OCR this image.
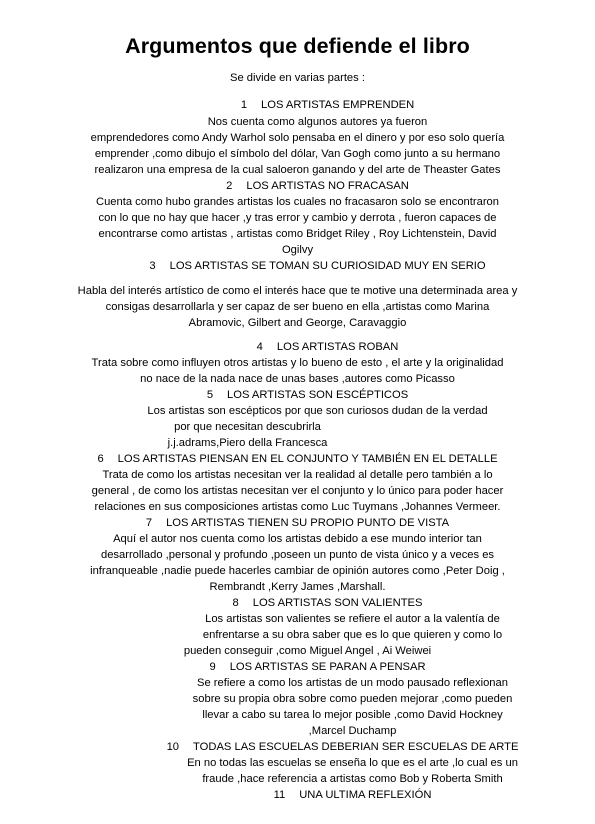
Argumentos que defiende el libro

Se divide en varias partes :

1 LOS ARTISTAS EMPRENDEN

Nos cuenta como algunos autores ya fueron

emprendedores como Andy Warhol solo pensaba en el dinero y por eso solo quería

emprender ,como dibujo el símbolo del dólar, Van Gogh como junto a su hermano

realizaron una empresa de la cual saloeron ganando y del arte de Theaster Gates

2 LOS ARTISTAS NO FRACASAN

Cuenta como hubo grandes artistas los cuales no fracasaron solo se encontraron

con lo que no hay que hacer ,y tras error y cambio y derrota , fueron capaces de

encontrarse como artistas , artistas como Bridget Riley , Roy Lichtenstein, David

Ogilvy

3 LOS ARTISTAS SE TOMAN SU CURIOSIDAD MUY EN SERIO

Habla del interés artístico de como el interés hace que te motive una determinada area y

consigas desarrollarla y ser capaz de ser bueno en ella ,artistas como Marina

Abramovic, Gilbert and George, Caravaggio

4 LOS ARTISTAS ROBAN

Trata sobre como influyen otros artistas y lo bueno de esto , el arte y la originalidad

no nace de la nada nace de unas bases ,autores como Picasso

5 LOS ARTISTAS SON ESCÉPTICOS

Los artistas son escépticos por que son curiosos dudan de la verdad

por que necesitan descubrirla

j.j.adrams,Piero della Francesca

6 LOS ARTISTAS PIENSAN EN EL CONJUNTO Y TAMBIÉN EN EL DETALLE

Trata de como los artistas necesitan ver la realidad al detalle pero también a lo

general , de como los artistas necesitan ver el conjunto y lo único para poder hacer

relaciones en sus composiciones artistas como Luc Tuymans ,Johannes Vermeer.

7 LOS ARTISTAS TIENEN SU PROPIO PUNTO DE VISTA

Aquí el autor nos cuenta como los artistas debido a ese mundo interior tan

desarrollado ,personal y profundo ,poseen un punto de vista único y a veces es

infranqueable ,nadie puede hacerles cambiar de opinión autores como ,Peter Doig ,

Rembrandt ,Kerry James ,Marshall.

8 LOS ARTISTAS SON VALIENTES

Los artistas son valientes se refiere el autor a la valentía de

enfrentarse a su obra saber que es lo que quieren y como lo

pueden conseguir ,como Miguel Angel , Ai Weiwei

9 LOS ARTISTAS SE PARAN A PENSAR

Se refiere a como los artistas de un modo pausado reflexionan

sobre su propia obra sobre como pueden mejorar ,como pueden

llevar a cabo su tarea lo mejor posible ,como David Hockney

,Marcel Duchamp

10 TODAS LAS ESCUELAS DEBERIAN SER ESCUELAS DE ARTE

En no todas las escuelas se enseña lo que es el arte ,lo cual es un

fraude ,hace referencia a artistas como Bob y Roberta Smith

11 UNA ULTIMA REFLEXIÓN
